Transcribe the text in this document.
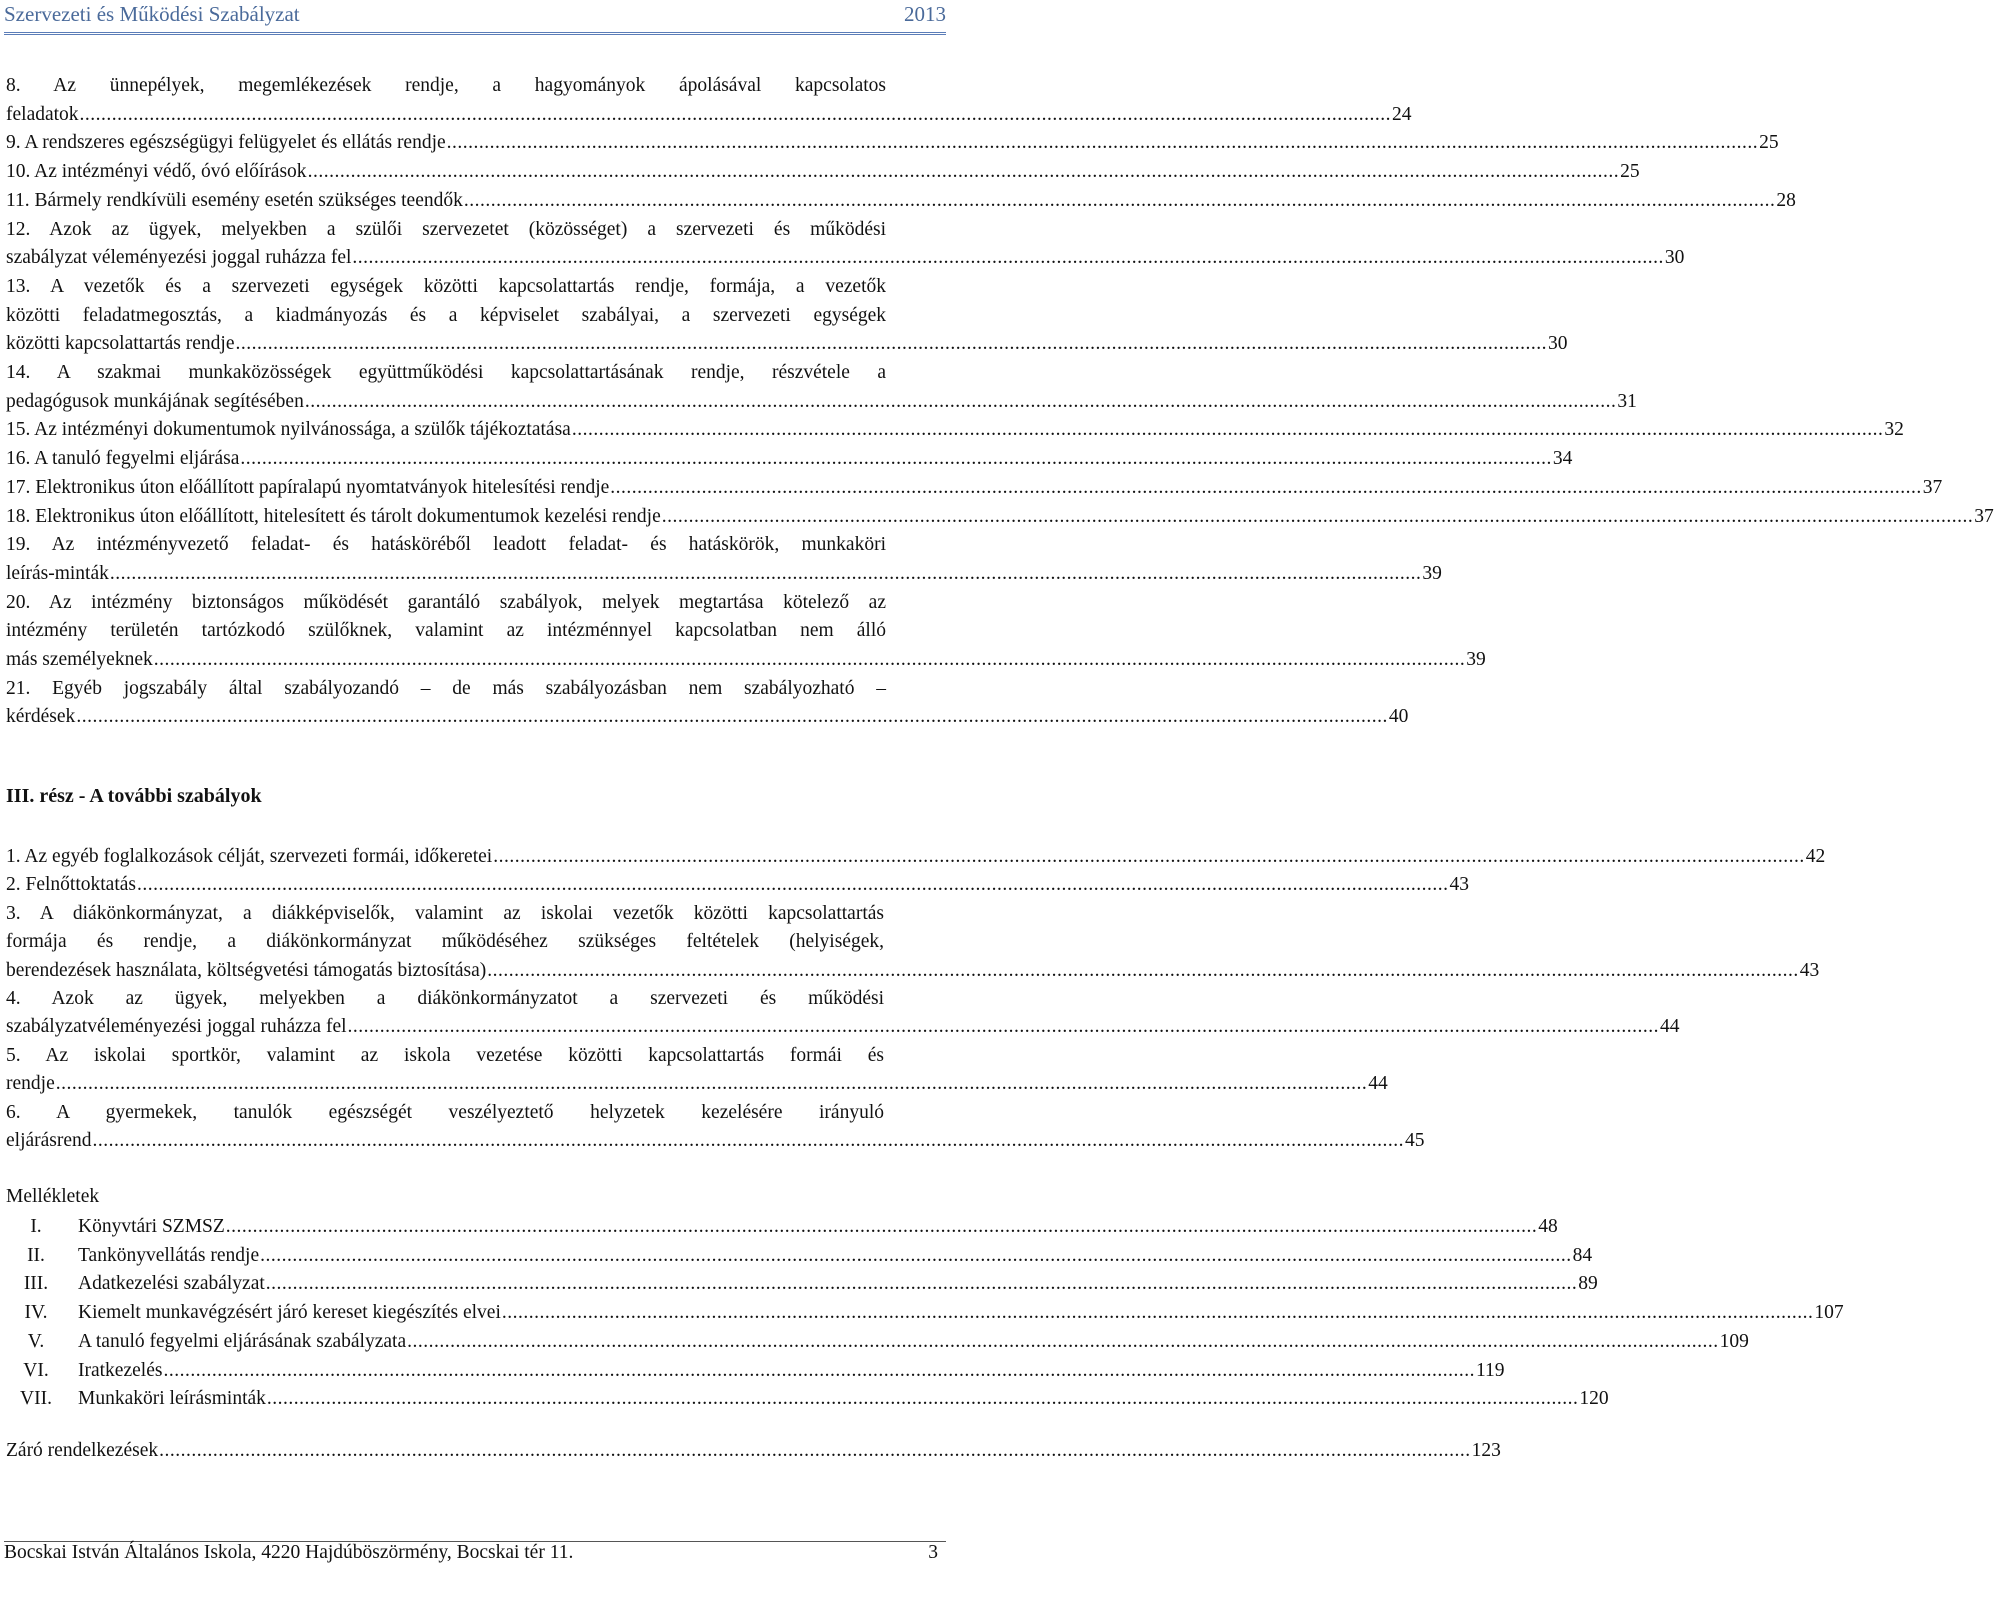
Szervezeti és Működési Szabályzat	2013
8. Az ünnepélyek, megemlékezések rendje, a hagyományok ápolásával kapcsolatos
feladatok .....	24
9. A rendszeres egészségügyi felügyelet és ellátás rendje .....	25
10. Az intézményi védő, óvó előírások .....	25
11. Bármely rendkívüli esemény esetén szükséges teendők .....	28
12. Azok az ügyek, melyekben a szülői szervezetet (közösséget) a szervezeti és működési
szabályzat véleményezési joggal ruházza fel .....	30
13. A vezetők és a szervezeti egységek közötti kapcsolattartás rendje, formája, a vezetők
közötti feladatmegosztás, a kiadmányozás és a képviselet szabályai, a szervezeti egységek
közötti kapcsolattartás rendje .....	30
14. A szakmai munkaközösségek együttműködési kapcsolattartásának rendje, részvétele a
pedagógusok munkájának segítésében .....	31
15. Az intézményi dokumentumok nyilvánossága, a szülők tájékoztatása .....	32
16. A tanuló fegyelmi eljárása .....	34
17. Elektronikus úton előállított papíralapú nyomtatványok hitelesítési rendje .....	37
18. Elektronikus úton előállított, hitelesített és tárolt dokumentumok kezelési rendje .....	37
19. Az intézményvezető feladat- és hatásköréből leadott feladat- és hatáskörök, munkaköri
leírás-minták .....	39
20. Az intézmény biztonságos működését garantáló szabályok, melyek megtartása kötelező az
intézmény területén tartózkodó szülőknek, valamint az intézménnyel kapcsolatban nem álló
más személyeknek .....	39
21. Egyéb jogszabály által szabályozandó – de más szabályozásban nem szabályozható –
kérdések .....	40
III. rész - A további szabályok
1. Az egyéb foglalkozások célját, szervezeti formái, időkeretei .....	42
2. Felnőttoktatás .....	43
3. A diákönkormányzat, a diákképviselők, valamint az iskolai vezetők közötti kapcsolattartás
formája és rendje, a diákönkormányzat működéséhez szükséges feltételek (helyiségek,
berendezések használata, költségvetési támogatás biztosítása) .....	43
4. Azok az ügyek, melyekben a diákönkormányzatot a szervezeti és működési
szabályzatvéleményezési joggal ruházza fel .....	44
5. Az iskolai sportkör, valamint az iskola vezetése közötti kapcsolattartás formái és
rendje .....	44
6. A gyermekek, tanulók egészségét veszélyeztető helyzetek kezelésére irányuló
eljárásrend .....	45
Mellékletek
I.	Könyvtári SZMSZ .....	48
II.	Tankönyvellátás rendje .....	84
III.	Adatkezelési szabályzat .....	89
IV.	Kiemelt munkavégzésért járó kereset kiegészítés elvei .....	107
V.	A tanuló fegyelmi eljárásának szabályzata .....	109
VI.	Iratkezelés .....	119
VII.	Munkaköri leírásminták .....	120
Záró rendelkezések .....	123
Bocskai István Általános Iskola, 4220 Hajdúböszörmény, Bocskai tér 11.	3
